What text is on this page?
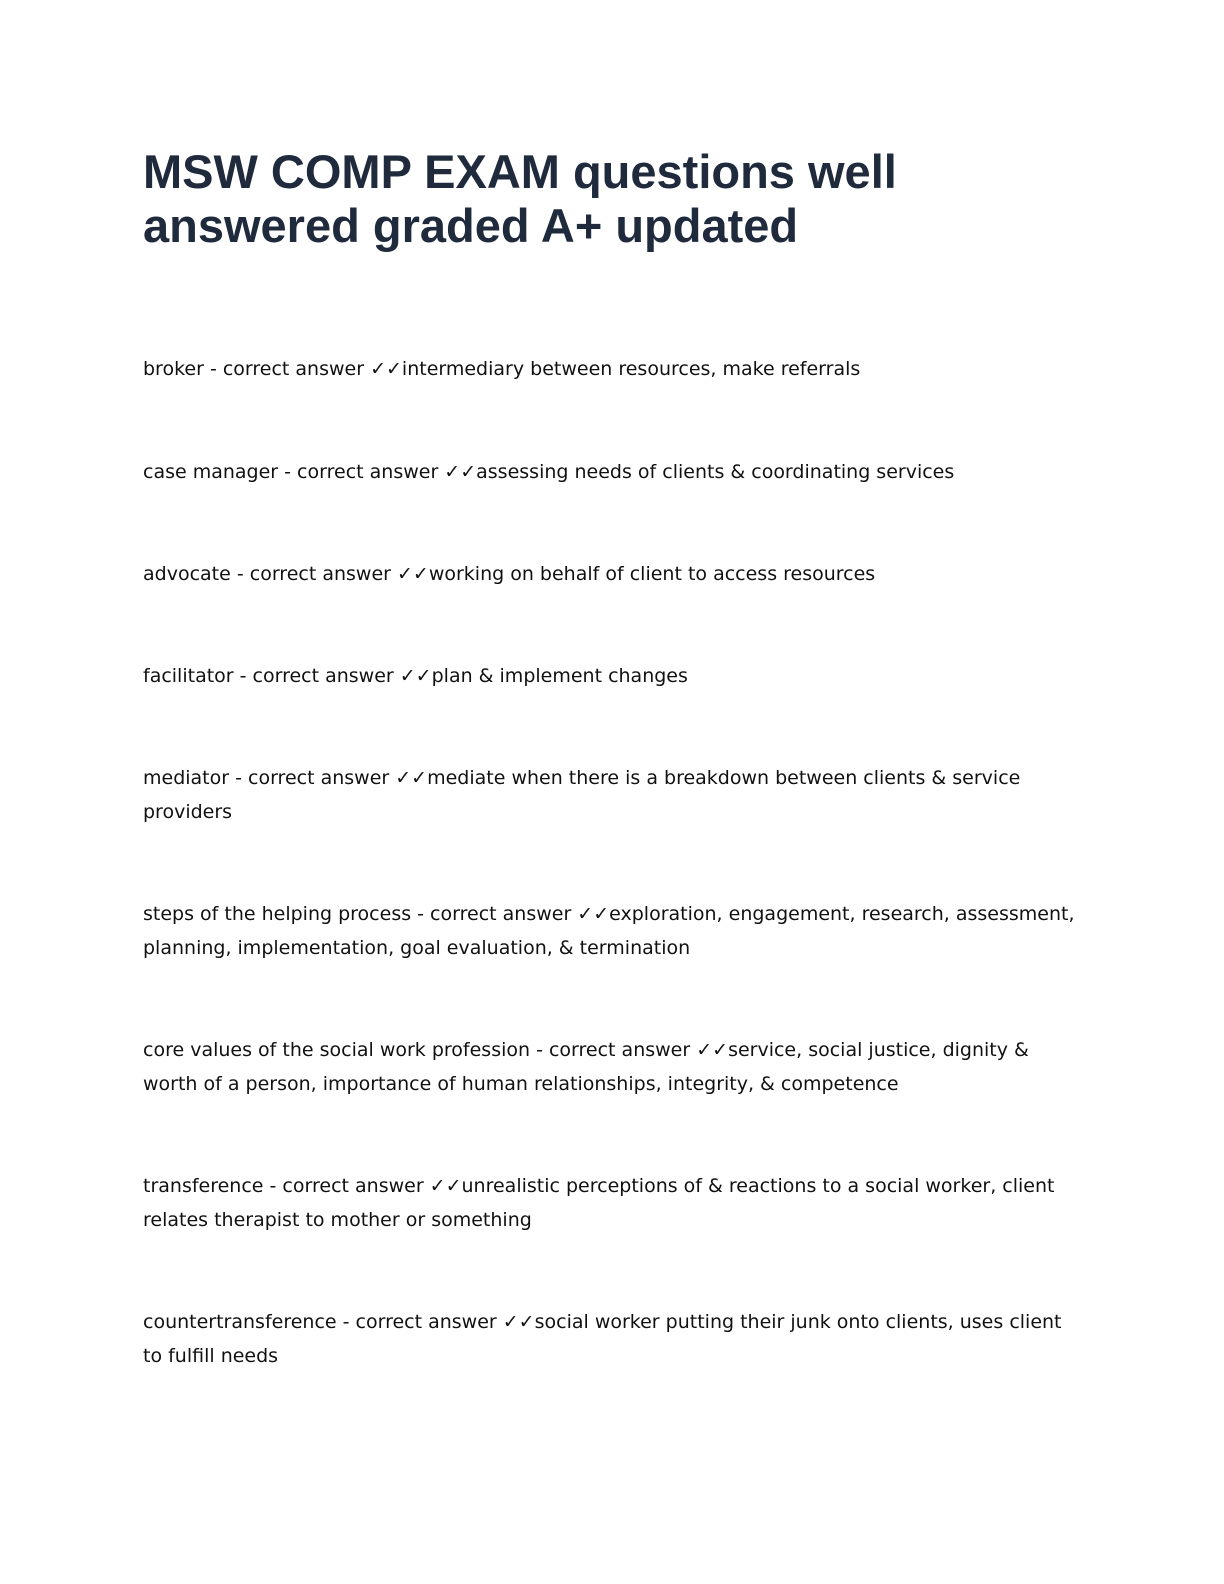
MSW COMP EXAM questions well answered graded A+ updated

broker - correct answer ✓✓intermediary between resources, make referrals

case manager - correct answer ✓✓assessing needs of clients & coordinating services

advocate - correct answer ✓✓working on behalf of client to access resources

facilitator - correct answer ✓✓plan & implement changes

mediator - correct answer ✓✓mediate when there is a breakdown between clients & service providers

steps of the helping process - correct answer ✓✓exploration, engagement, research, assessment, planning, implementation, goal evaluation, & termination

core values of the social work profession - correct answer ✓✓service, social justice, dignity & worth of a person, importance of human relationships, integrity, & competence

transference - correct answer ✓✓unrealistic perceptions of & reactions to a social worker, client relates therapist to mother or something

countertransference - correct answer ✓✓social worker putting their junk onto clients, uses client to fulfill needs
